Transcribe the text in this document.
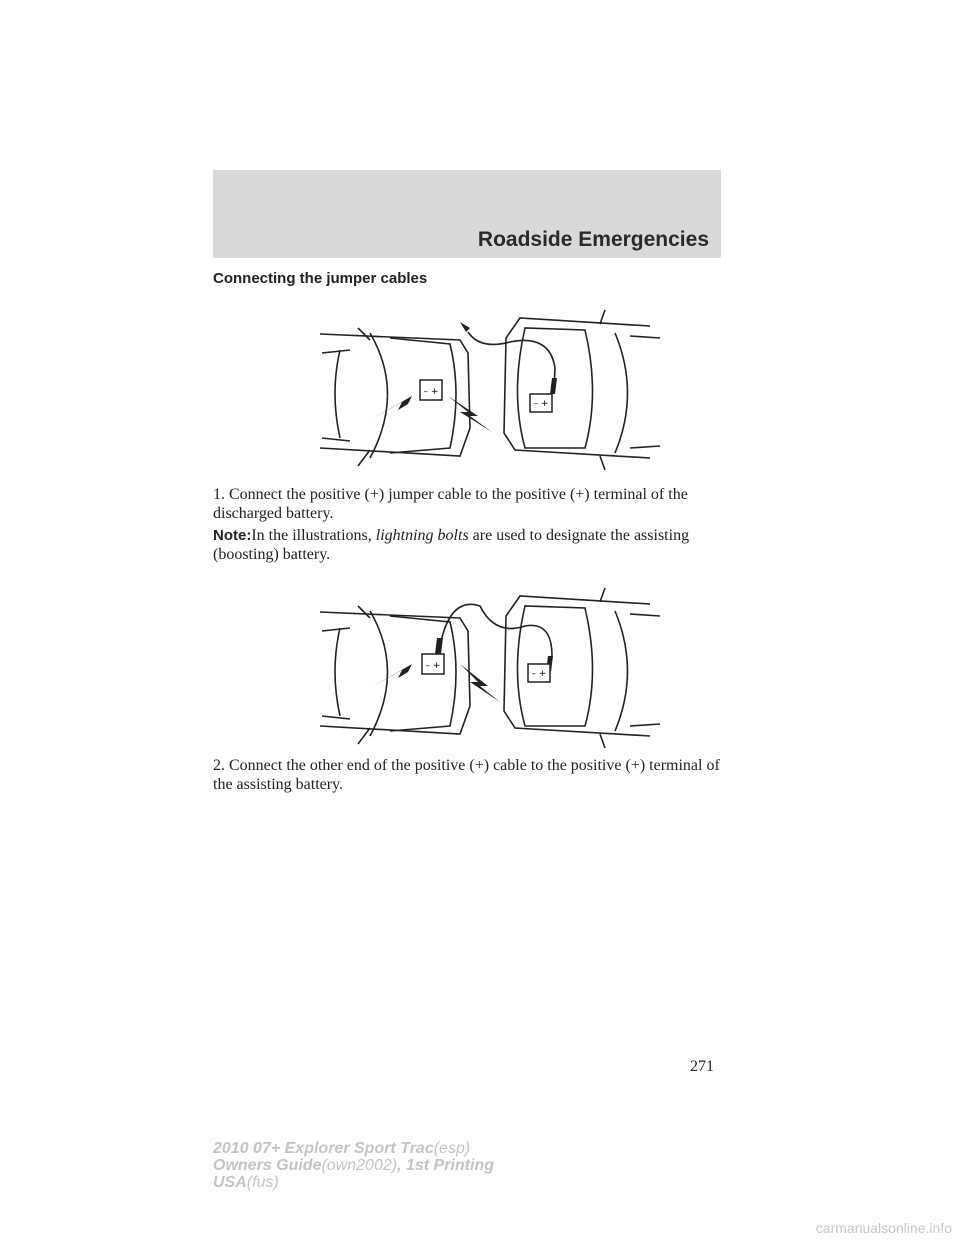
Roadside Emergencies
Connecting the jumper cables
– +
– +
1. Connect the positive (+) jumper cable to the positive (+) terminal of the discharged battery.
Note:In the illustrations, lightning bolts are used to designate the assisting (boosting) battery.
– +
– +
2. Connect the other end of the positive (+) cable to the positive (+) terminal of the assisting battery.
271
2010 07+ Explorer Sport Trac(esp)
Owners Guide(own2002), 1st Printing
USA(fus)
carmanualsonline.info
